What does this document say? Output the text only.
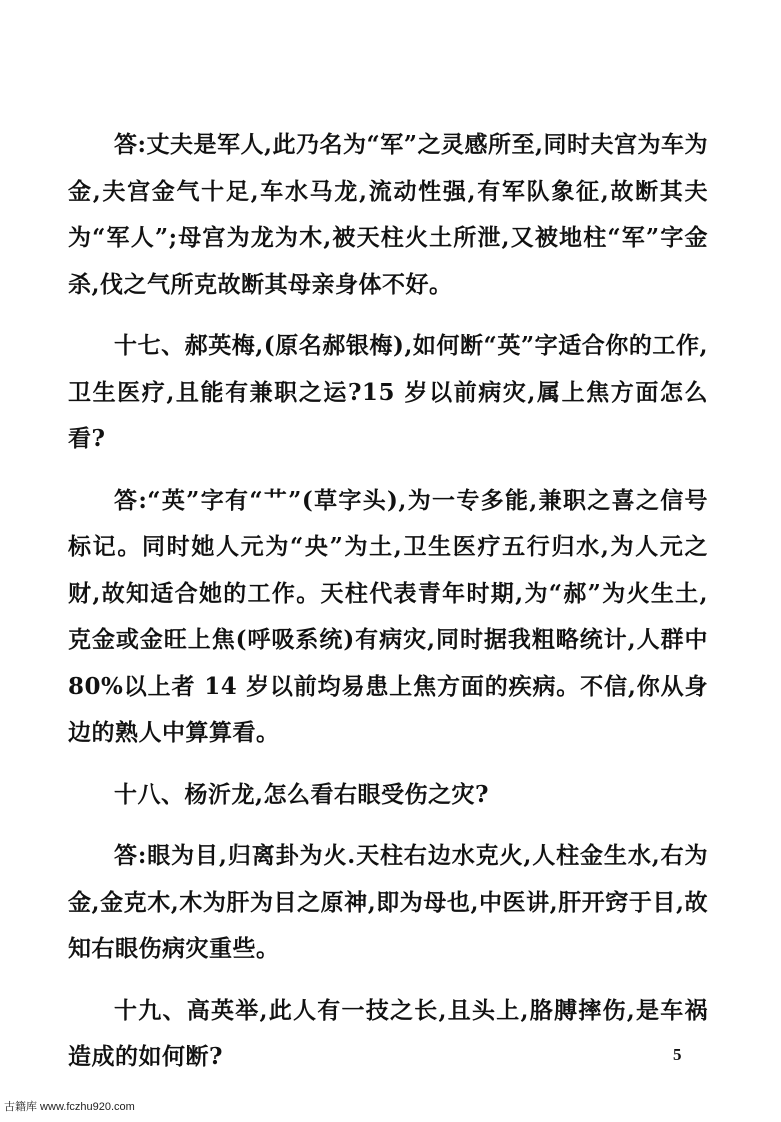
答:丈夫是军人,此乃名为“军”之灵感所至,同时夫宫为车为金,夫宫金气十足,车水马龙,流动性强,有军队象征,故断其夫为“军人”;母宫为龙为木,被天柱火土所泄,又被地柱“军”字金杀,伐之气所克故断其母亲身体不好。

十七、郝英梅,(原名郝银梅),如何断“英”字适合你的工作,卫生医疗,且能有兼职之运?15 岁以前病灾,属上焦方面怎么看?

答:“英”字有“艹”(草字头),为一专多能,兼职之喜之信号标记。同时她人元为“央”为土,卫生医疗五行归水,为人元之财,故知适合她的工作。天柱代表青年时期,为“郝”为火生土,克金或金旺上焦(呼吸系统)有病灾,同时据我粗略统计,人群中80%以上者 14 岁以前均易患上焦方面的疾病。不信,你从身边的熟人中算算看。

十八、杨沂龙,怎么看右眼受伤之灾?

答:眼为目,归离卦为火.天柱右边水克火,人柱金生水,右为金,金克木,木为肝为目之原神,即为母也,中医讲,肝开窍于目,故知右眼伤病灾重些。

十九、高英举,此人有一技之长,且头上,胳膊摔伤,是车祸造成的如何断?	5
古籍库 www.fczhu920.com
